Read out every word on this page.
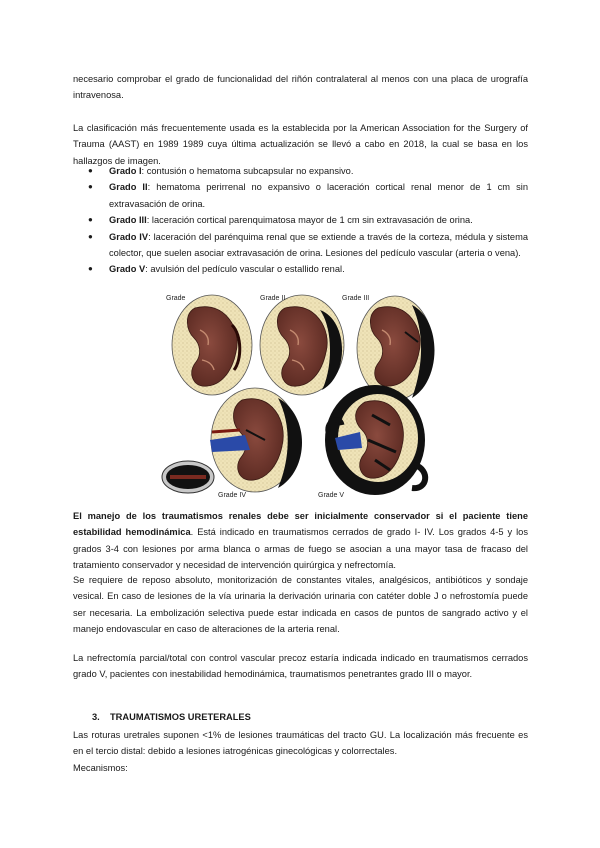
necesario comprobar el grado de funcionalidad del riñón contralateral al menos con una placa de urografía intravenosa.

La clasificación más frecuentemente usada es la establecida por la American Association for the Surgery of Trauma (AAST) en 1989 1989 cuya última actualización se llevó a cabo en 2018, la cual se basa en los hallazgos de imagen.

● Grado I: contusión o hematoma subcapsular no expansivo.
● Grado II: hematoma perirrenal no expansivo o laceración cortical renal menor de 1 cm sin extravasación de orina.
● Grado III: laceración cortical parenquimatosa mayor de 1 cm sin extravasación de orina.
● Grado IV: laceración del parénquima renal que se extiende a través de la corteza, médula y sistema colector, que suelen asociar extravasación de orina. Lesiones del pedículo vascular (arteria o vena).
● Grado V: avulsión del pedículo vascular o estallido renal.
Grade	Grade II	Grade III
Grade IV	Grade V

El manejo de los traumatismos renales debe ser inicialmente conservador si el paciente tiene estabilidad hemodinámica. Está indicado en traumatismos cerrados de grado I- IV. Los grados 4-5 y los grados 3-4 con lesiones por arma blanca o armas de fuego se asocian a una mayor tasa de fracaso del tratamiento conservador y necesidad de intervención quirúrgica y nefrectomía.

Se requiere de reposo absoluto, monitorización de constantes vitales, analgésicos, antibióticos y sondaje vesical. En caso de lesiones de la vía urinaria la derivación urinaria con catéter doble J o nefrostomía puede ser necesaria. La embolización selectiva puede estar indicada en casos de puntos de sangrado activo y el manejo endovascular en caso de alteraciones de la arteria renal.

La nefrectomía parcial/total con control vascular precoz estaría indicada indicado en traumatismos cerrados grado V, pacientes con inestabilidad hemodinámica, traumatismos penetrantes grado III o mayor.

3. TRAUMATISMOS URETERALES

Las roturas uretrales suponen <1% de lesiones traumáticas del tracto GU. La localización más frecuente es en el tercio distal: debido a lesiones iatrogénicas ginecológicas y colorrectales.

Mecanismos:
